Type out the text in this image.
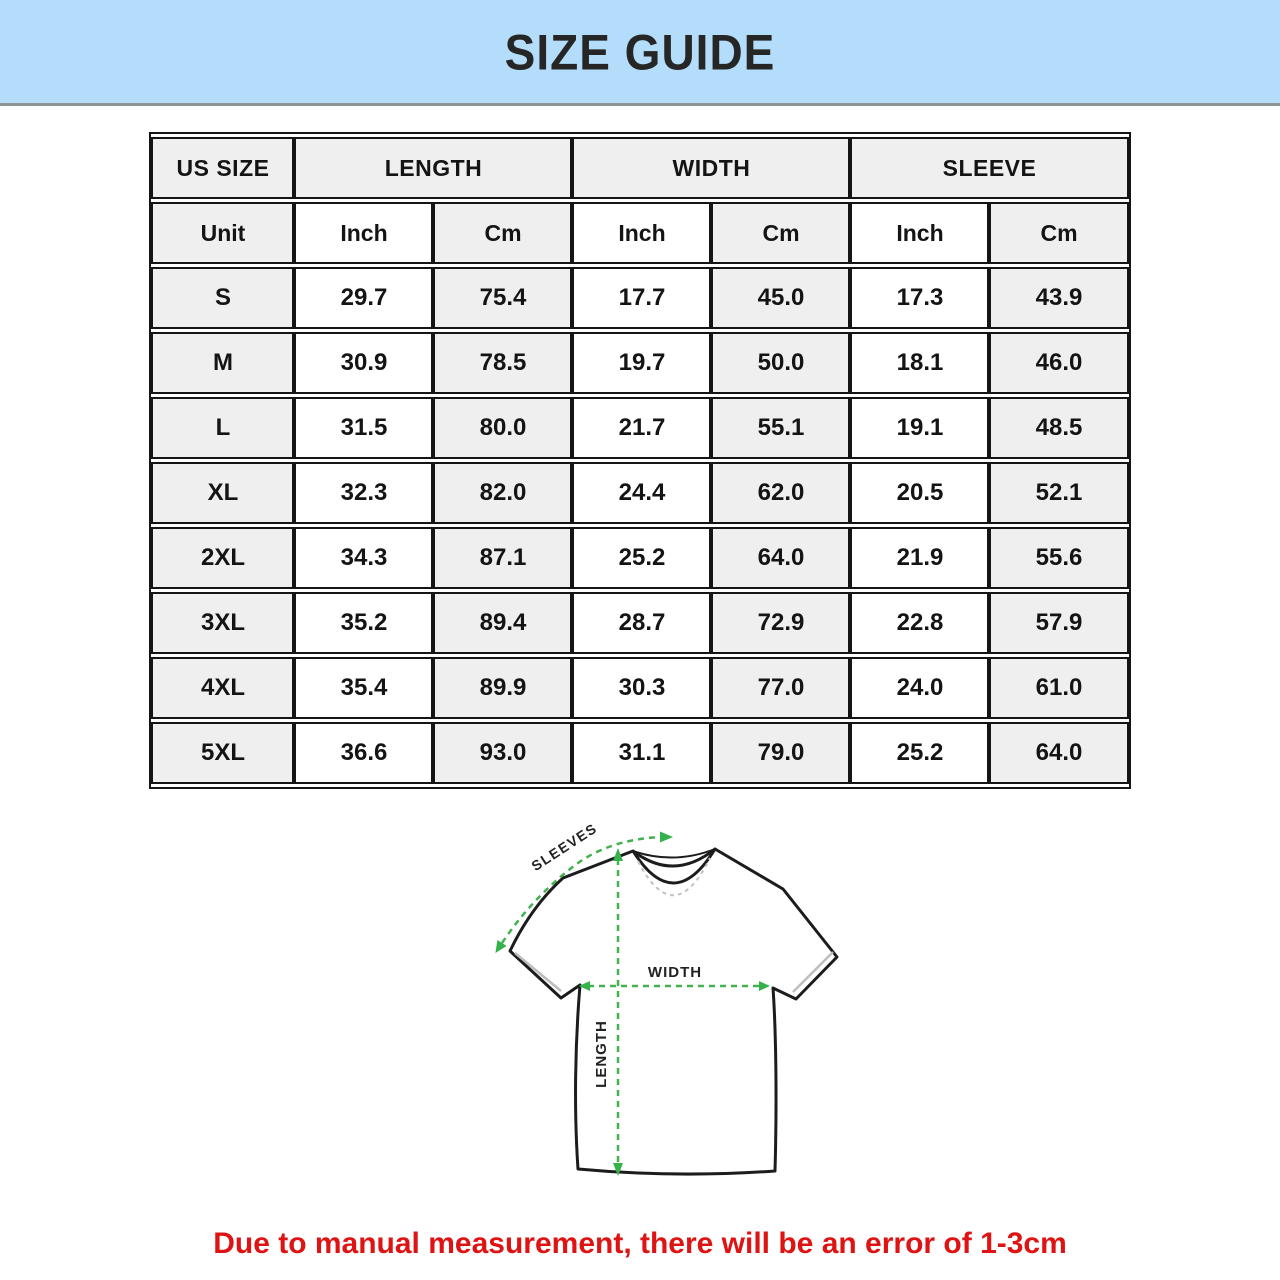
SIZE GUIDE
US SIZE	LENGTH		WIDTH		SLEEVE	
Unit	Inch	Cm	Inch	Cm	Inch	Cm
S	29.7	75.4	17.7	45.0	17.3	43.9
M	30.9	78.5	19.7	50.0	18.1	46.0
L	31.5	80.0	21.7	55.1	19.1	48.5
XL	32.3	82.0	24.4	62.0	20.5	52.1
2XL	34.3	87.1	25.2	64.0	21.9	55.6
3XL	35.2	89.4	28.7	72.9	22.8	57.9
4XL	35.4	89.9	30.3	77.0	24.0	61.0
5XL	36.6	93.0	31.1	79.0	25.2	64.0
WIDTH
LENGTH
SLEEVES

Due to manual measurement, there will be an error of 1-3cm
